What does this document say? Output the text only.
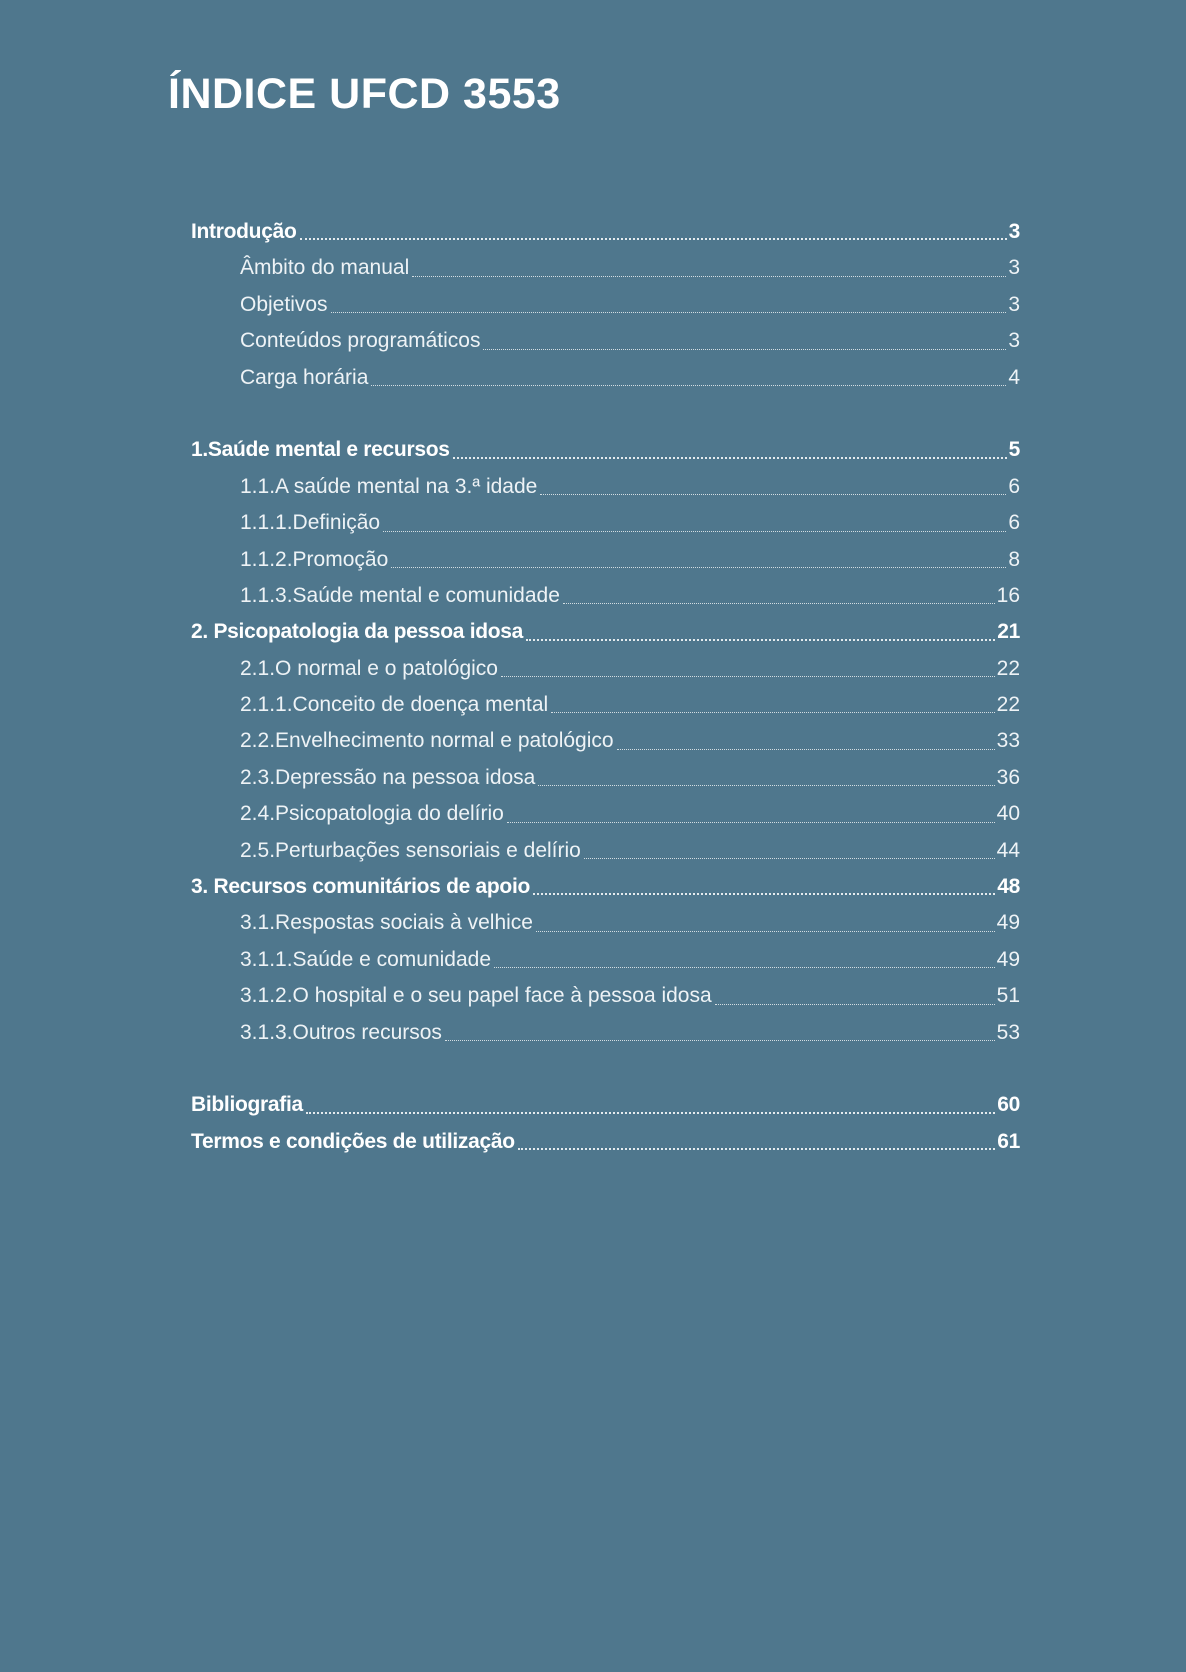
ÍNDICE UFCD 3553
Introdução	3
Âmbito do manual	3
Objetivos	3
Conteúdos programáticos	3
Carga horária	4
1.Saúde mental e recursos	5
1.1.A saúde mental na 3.ª idade	6
1.1.1.Definição	6
1.1.2.Promoção	8
1.1.3.Saúde mental e comunidade	16
2. Psicopatologia da pessoa idosa	21
2.1.O normal e o patológico	22
2.1.1.Conceito de doença mental	22
2.2.Envelhecimento normal e patológico	33
2.3.Depressão na pessoa idosa	36
2.4.Psicopatologia do delírio	40
2.5.Perturbações sensoriais e delírio	44
3. Recursos comunitários de apoio	48
3.1.Respostas sociais à velhice	49
3.1.1.Saúde e comunidade	49
3.1.2.O hospital e o seu papel face à pessoa idosa	51
3.1.3.Outros recursos	53
Bibliografia	60
Termos e condições de utilização	61
